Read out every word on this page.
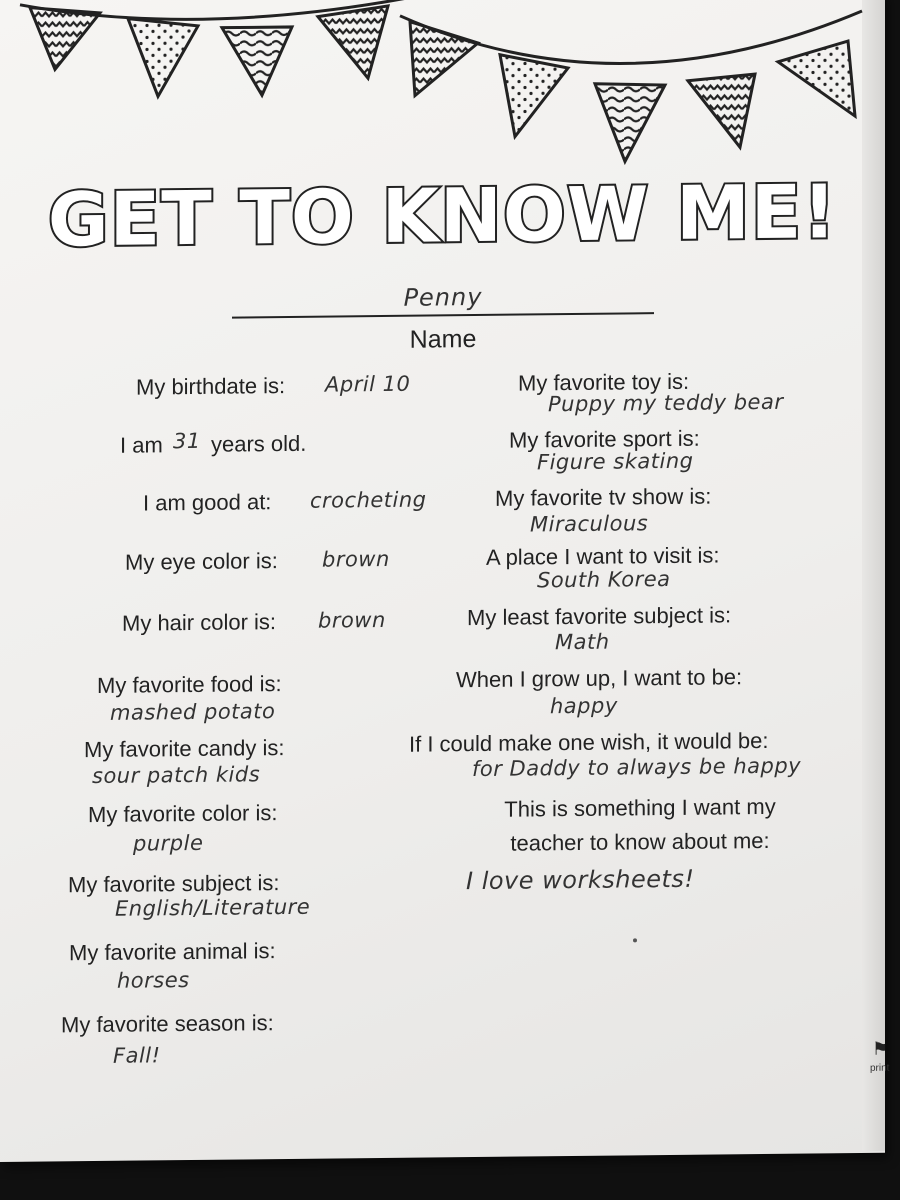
GET TO KNOW ME!
Penny
Name
My birthdate is: April 10
I am 31 years old.
I am good at: crocheting
My eye color is: brown
My hair color is: brown
My favorite food is:
mashed potato
My favorite candy is:
sour patch kids
My favorite color is:
purple
My favorite subject is:
English/Literature
My favorite animal is:
horses
My favorite season is:
Fall!
My favorite toy is:
Puppy my teddy bear
My favorite sport is:
Figure skating
My favorite tv show is:
Miraculous
A place I want to visit is:
South Korea
My least favorite subject is:
Math
When I grow up, I want to be:
happy
If I could make one wish, it would be:
for Daddy to always be happy
This is something I want my
teacher to know about me:
I love worksheets!
⚑
print
